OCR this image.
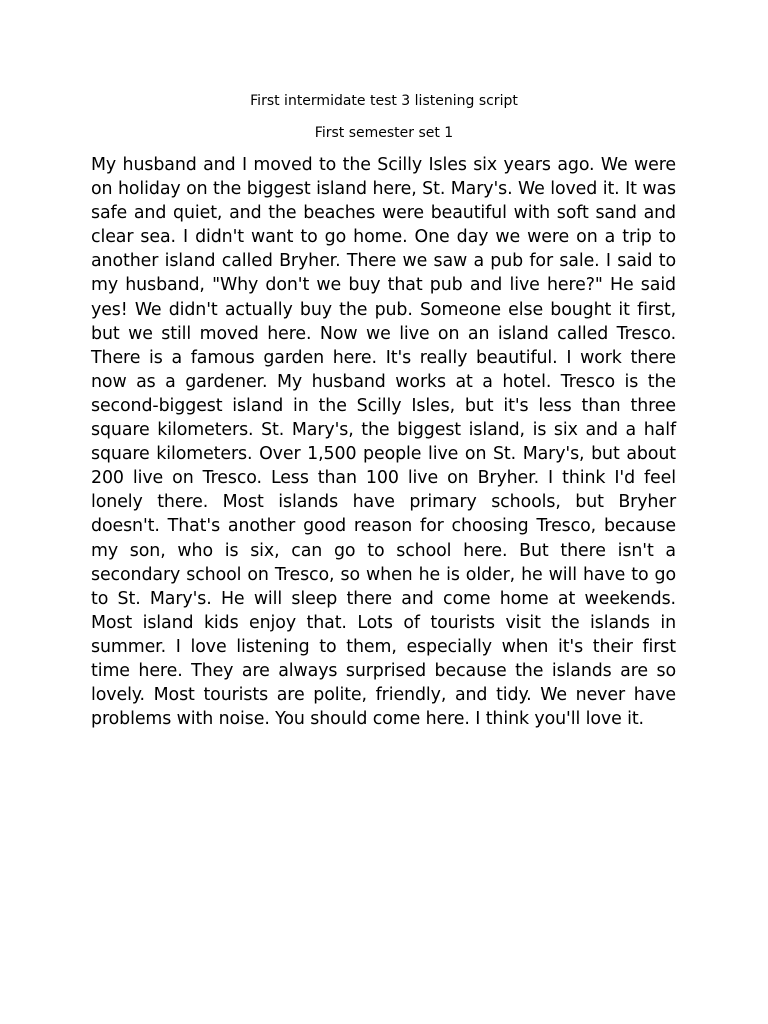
First intermidate test 3 listening script
First semester set 1

My husband and I moved to the Scilly Isles six years ago. We were on holiday on the biggest island here, St. Mary's. We loved it. It was safe and quiet, and the beaches were beautiful with soft sand and clear sea. I didn't want to go home. One day we were on a trip to another island called Bryher. There we saw a pub for sale. I said to my husband, "Why don't we buy that pub and live here?" He said yes! We didn't actually buy the pub. Someone else bought it first, but we still moved here. Now we live on an island called Tresco. There is a famous garden here. It's really beautiful. I work there now as a gardener. My husband works at a hotel. Tresco is the second-biggest island in the Scilly Isles, but it's less than three square kilometers. St. Mary's, the biggest island, is six and a half square kilometers. Over 1,500 people live on St. Mary's, but about 200 live on Tresco. Less than 100 live on Bryher. I think I'd feel lonely there. Most islands have primary schools, but Bryher doesn't. That's another good reason for choosing Tresco, because my son, who is six, can go to school here. But there isn't a secondary school on Tresco, so when he is older, he will have to go to St. Mary's. He will sleep there and come home at weekends. Most island kids enjoy that. Lots of tourists visit the islands in summer. I love listening to them, especially when it's their first time here. They are always surprised because the islands are so lovely. Most tourists are polite, friendly, and tidy. We never have problems with noise. You should come here. I think you'll love it.
